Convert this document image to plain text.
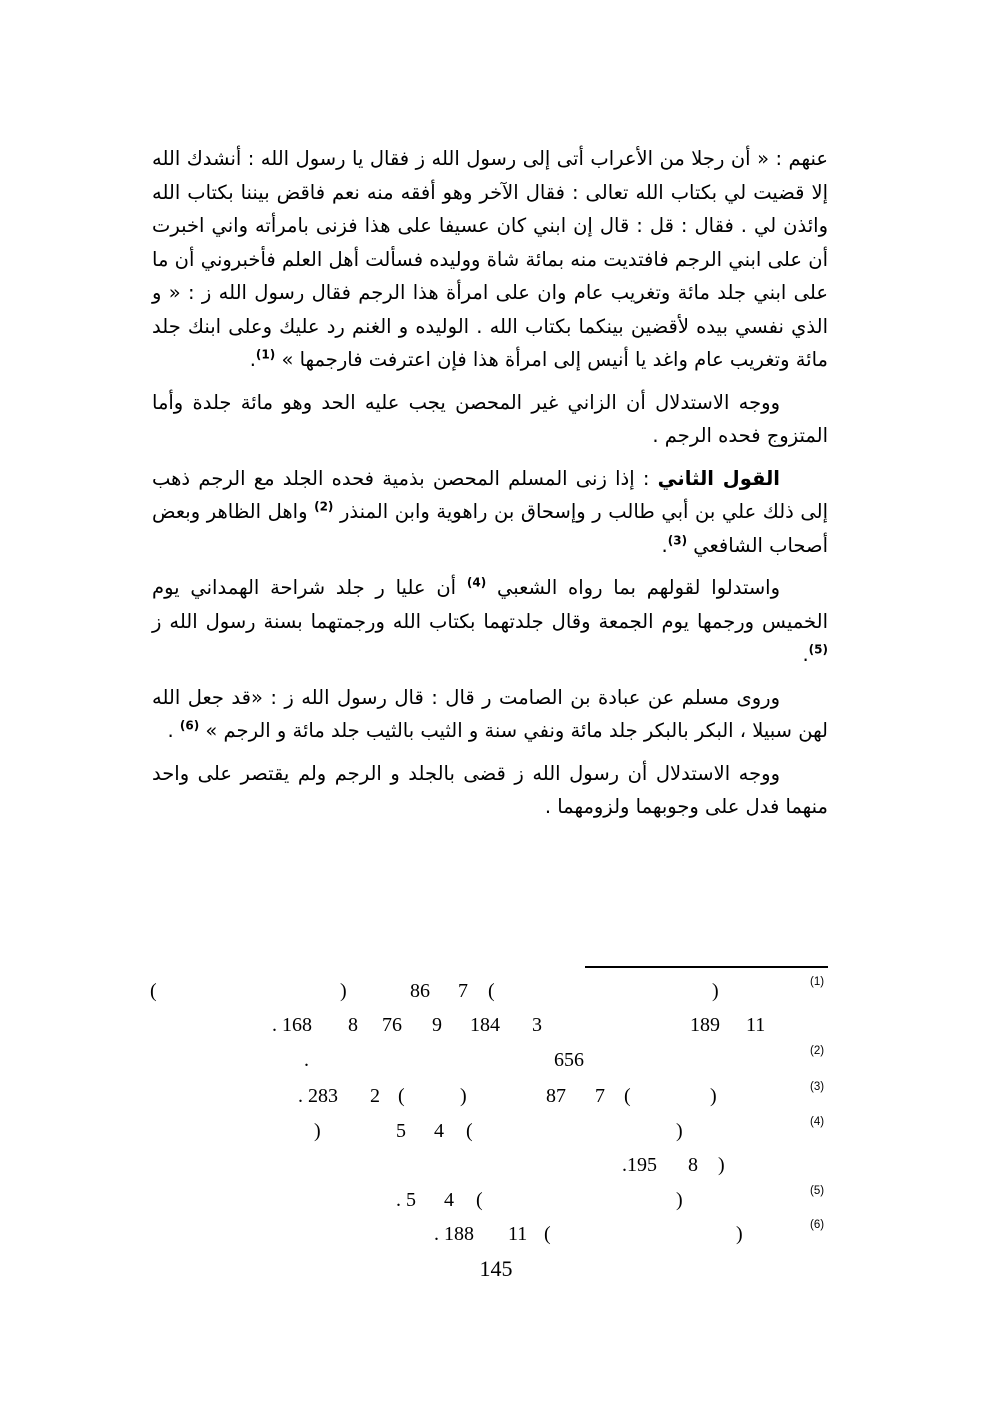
عنهم : « أن رجلا من الأعراب أتى إلى رسول الله ز فقال يا رسول الله : أنشدك الله إلا قضيت لي بكتاب الله تعالى : فقال الآخر وهو أفقه منه نعم فاقض بيننا بكتاب الله وائذن لي . فقال : قل : قال إن ابني كان عسيفا على هذا فزنى بامرأته واني اخبرت أن على ابني الرجم فافتديت منه بمائة شاة ووليده فسألت أهل العلم فأخبروني أن ما على ابني جلد مائة وتغريب عام وان على امرأة هذا الرجم فقال رسول الله ز : « و الذي نفسي بيده لأقضين بينكما بكتاب الله . الوليده و الغنم رد عليك وعلى ابنك جلد مائة وتغريب عام واغد يا أنيس إلى امرأة هذا فإن اعترفت فارجمها » $^{(1)}$.

ووجه الاستدلال أن الزاني غير المحصن يجب عليه الحد وهو مائة جلدة وأما المتزوج فحده الرجم .

القول الثاني : إذا زنى المسلم المحصن بذمية فحده الجلد مع الرجم ذهب إلى ذلك علي بن أبي طالب ر وإسحاق بن راهوية وابن المنذر $^{(2)}$ واهل الظاهر وبعض أصحاب الشافعي $^{(3)}$.

واستدلوا لقولهم بما رواه الشعبي $^{(4)}$ أن عليا ر جلد شراحة الهمداني يوم الخميس ورجمها يوم الجمعة وقال جلدتهما بكتاب الله ورجمتهما بسنة رسول الله ز $^{(5)}$.

وروى مسلم عن عبادة بن الصامت ر قال : قال رسول الله ز : «قد جعل الله لهن سبيلا ، البكر بالبكر جلد مائة ونفي سنة و الثيب بالثيب جلد مائة و الرجم » $^{(6)}$ .

ووجه الاستدلال أن رسول الله ز قضى بالجلد و الرجم ولم يقتصر على واحد منهما فدل على وجوبهما ولزومهما .

(1)
(	)	86 7 (	)
. 168 8 76 9 184 3	189 11
(2)
.	656
(3)
. 283 2 (	)	87 7 (	)
(4)
)	5 4 (	)
.195 8 )
(5)
. 5 4 (	)
(6)
. 188 11 (	)
145
